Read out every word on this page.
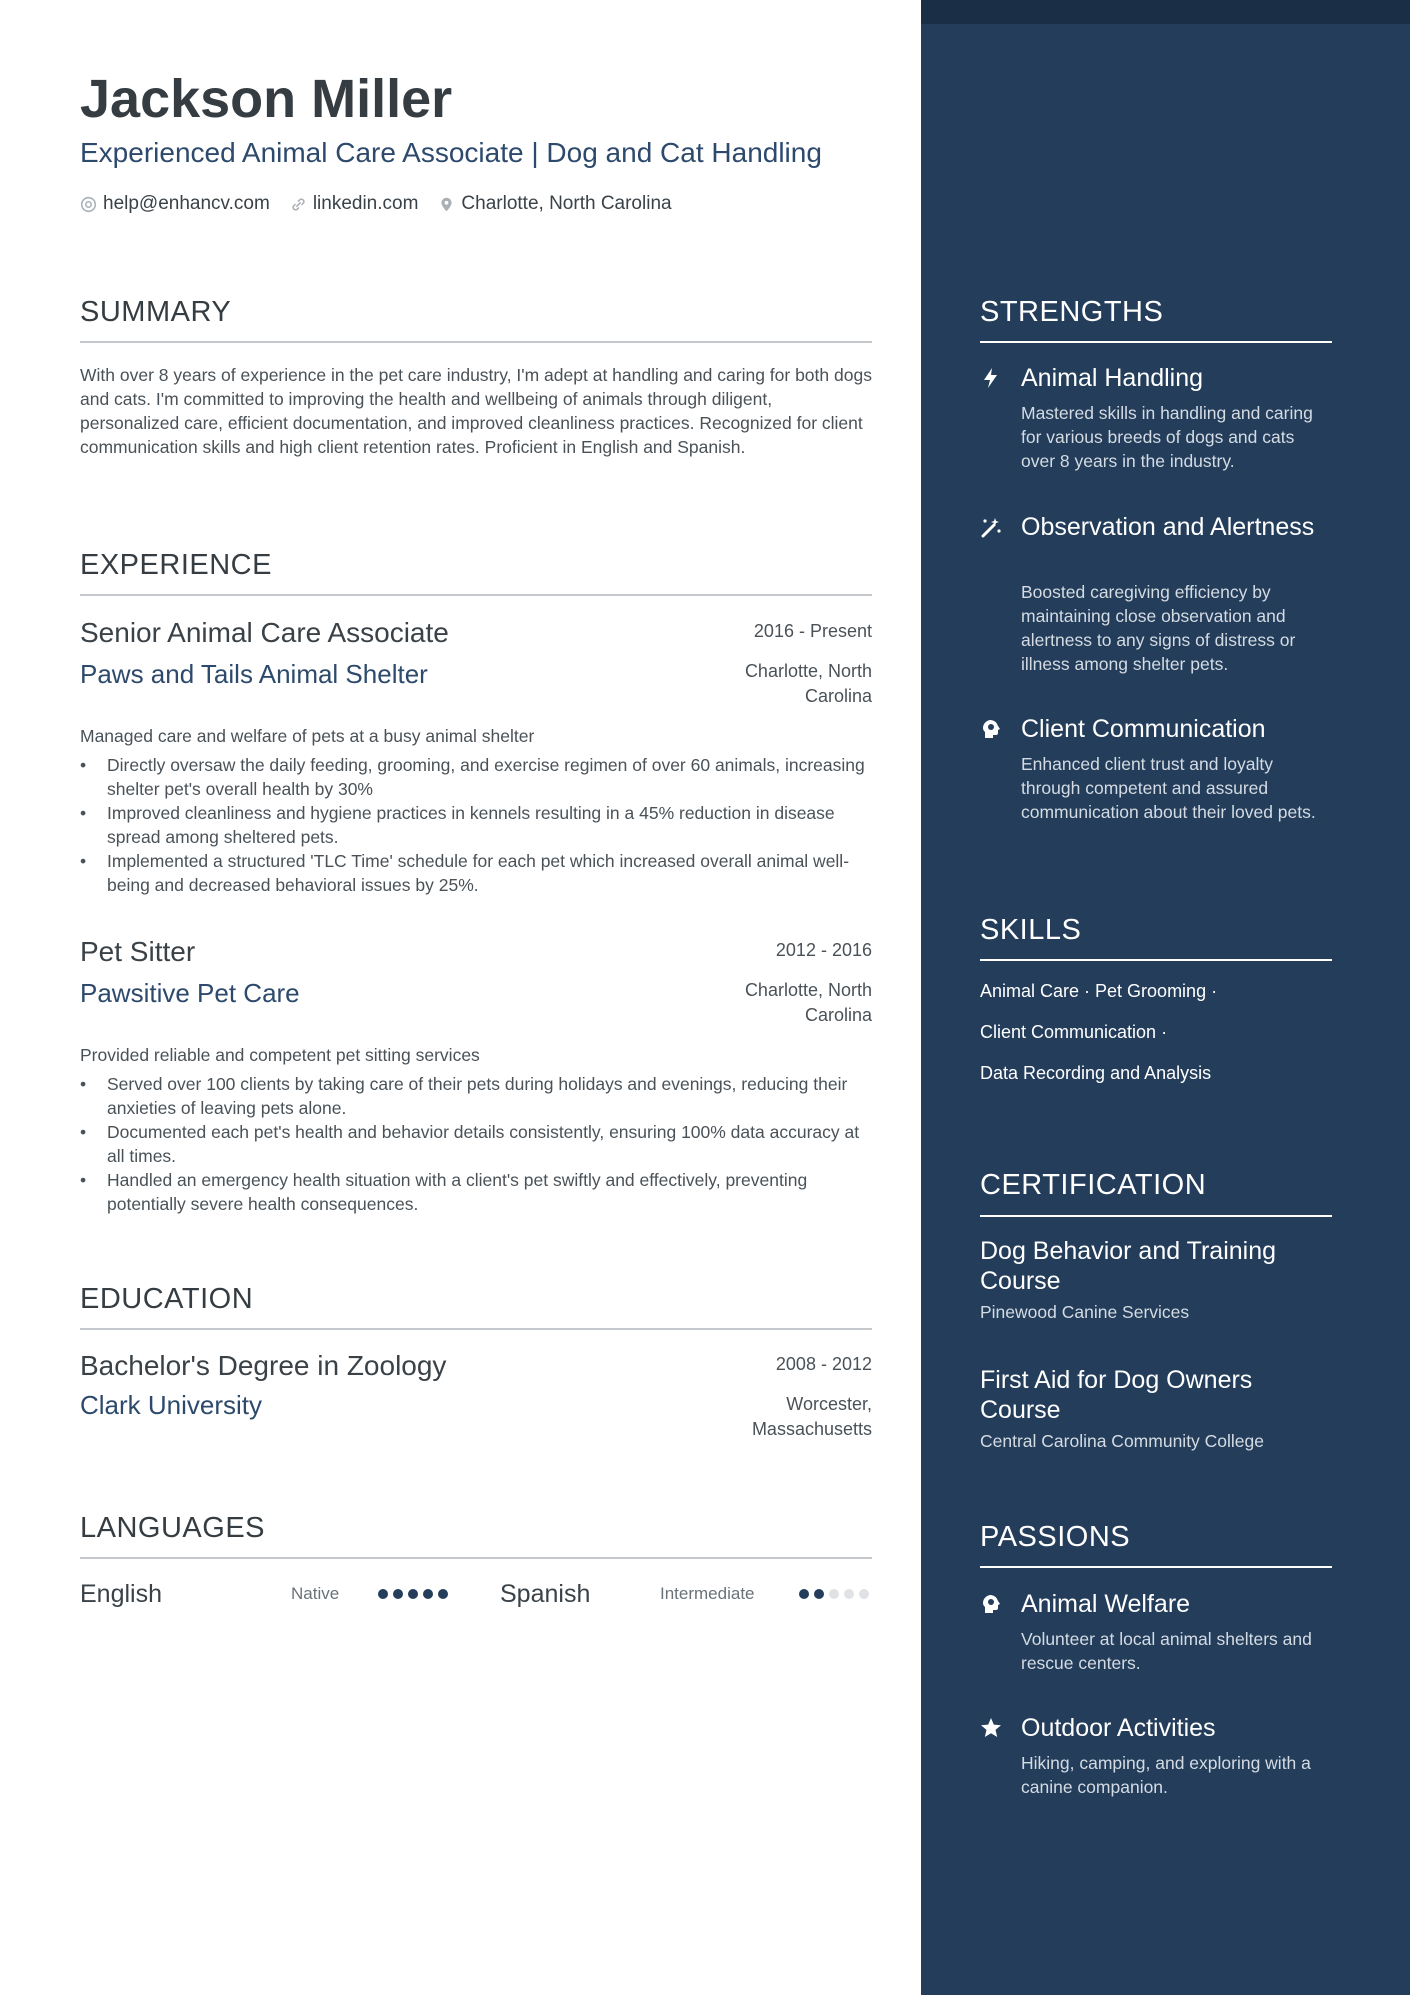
Jackson Miller
Experienced Animal Care Associate | Dog and Cat Handling
help@enhancv.com linkedin.com Charlotte, North Carolina
SUMMARY
With over 8 years of experience in the pet care industry, I'm adept at handling and caring for both dogs and cats. I'm committed to improving the health and wellbeing of animals through diligent, personalized care, efficient documentation, and improved cleanliness practices. Recognized for client communication skills and high client retention rates. Proficient in English and Spanish.
EXPERIENCE
Senior Animal Care Associate	2016 - Present
Paws and Tails Animal Shelter	Charlotte, North Carolina
Managed care and welfare of pets at a busy animal shelter
• Directly oversaw the daily feeding, grooming, and exercise regimen of over 60 animals, increasing shelter pet's overall health by 30%
• Improved cleanliness and hygiene practices in kennels resulting in a 45% reduction in disease spread among sheltered pets.
• Implemented a structured 'TLC Time' schedule for each pet which increased overall animal well-being and decreased behavioral issues by 25%.
Pet Sitter	2012 - 2016
Pawsitive Pet Care	Charlotte, North Carolina
Provided reliable and competent pet sitting services
• Served over 100 clients by taking care of their pets during holidays and evenings, reducing their anxieties of leaving pets alone.
• Documented each pet's health and behavior details consistently, ensuring 100% data accuracy at all times.
• Handled an emergency health situation with a client's pet swiftly and effectively, preventing potentially severe health consequences.
EDUCATION
Bachelor's Degree in Zoology	2008 - 2012
Clark University	Worcester, Massachusetts
LANGUAGES
English	Native	Spanish	Intermediate
STRENGTHS
Animal Handling
Mastered skills in handling and caring for various breeds of dogs and cats over 8 years in the industry.
Observation and Alertness
Boosted caregiving efficiency by maintaining close observation and alertness to any signs of distress or illness among shelter pets.
Client Communication
Enhanced client trust and loyalty through competent and assured communication about their loved pets.
SKILLS
Animal Care · Pet Grooming ·
Client Communication ·
Data Recording and Analysis
CERTIFICATION
Dog Behavior and Training Course
Pinewood Canine Services
First Aid for Dog Owners Course
Central Carolina Community College
PASSIONS
Animal Welfare
Volunteer at local animal shelters and rescue centers.
Outdoor Activities
Hiking, camping, and exploring with a canine companion.
